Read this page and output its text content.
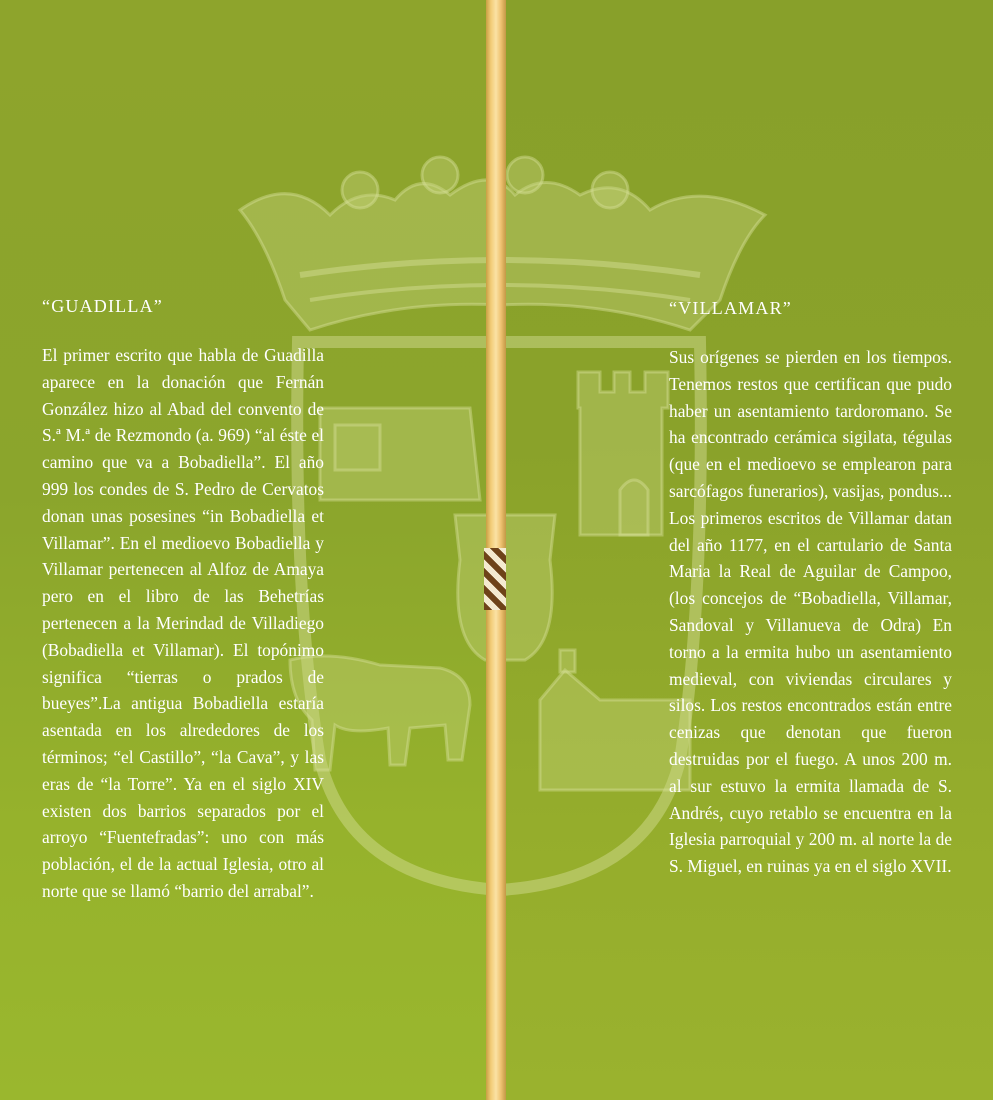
“GUADILLA”

El primer escrito que habla de Guadilla aparece en la donación que Fernán González hizo al Abad del convento de S.ª M.ª de Rezmondo (a. 969) “al éste el camino que va a Bobadiella”. El año 999 los condes de S. Pedro de Cervatos donan unas posesines “in Bobadiella et Villamar”. En el medioevo Bobadiella y Villamar pertenecen al Alfoz de Amaya pero en el libro de las Behetrías pertenecen a la Merindad de Villadiego (Bobadiella et Villamar). El topónimo significa “tierras o prados de bueyes”.La antigua Bobadiella estaría asentada en los alrededores de los términos; “el Castillo”, “la Cava”, y las eras de “la Torre”. Ya en el siglo XIV existen dos barrios separados por el arroyo “Fuentefradas”: uno con más población, el de la actual Iglesia, otro al norte que se llamó “barrio del arrabal”.

“VILLAMAR”

Sus orígenes se pierden en los tiempos. Tenemos restos que certifican que pudo haber un asentamiento tardoromano. Se ha encontrado cerámica sigilata, tégulas (que en el medioevo se emplearon para sarcófagos funerarios), vasijas, pondus... Los primeros escritos de Villamar datan del año 1177, en el cartulario de Santa Maria la Real de Aguilar de Campoo, (los concejos de “Bobadiella, Villamar, Sandoval y Villanueva de Odra) En torno a la ermita hubo un asentamiento medieval, con viviendas circulares y silos. Los restos encontrados están entre cenizas que denotan que fueron destruidas por el fuego. A unos 200 m. al sur estuvo la ermita llamada de S. Andrés, cuyo retablo se encuentra en la Iglesia parroquial y 200 m. al norte la de S. Miguel, en ruinas ya en el siglo XVII.
